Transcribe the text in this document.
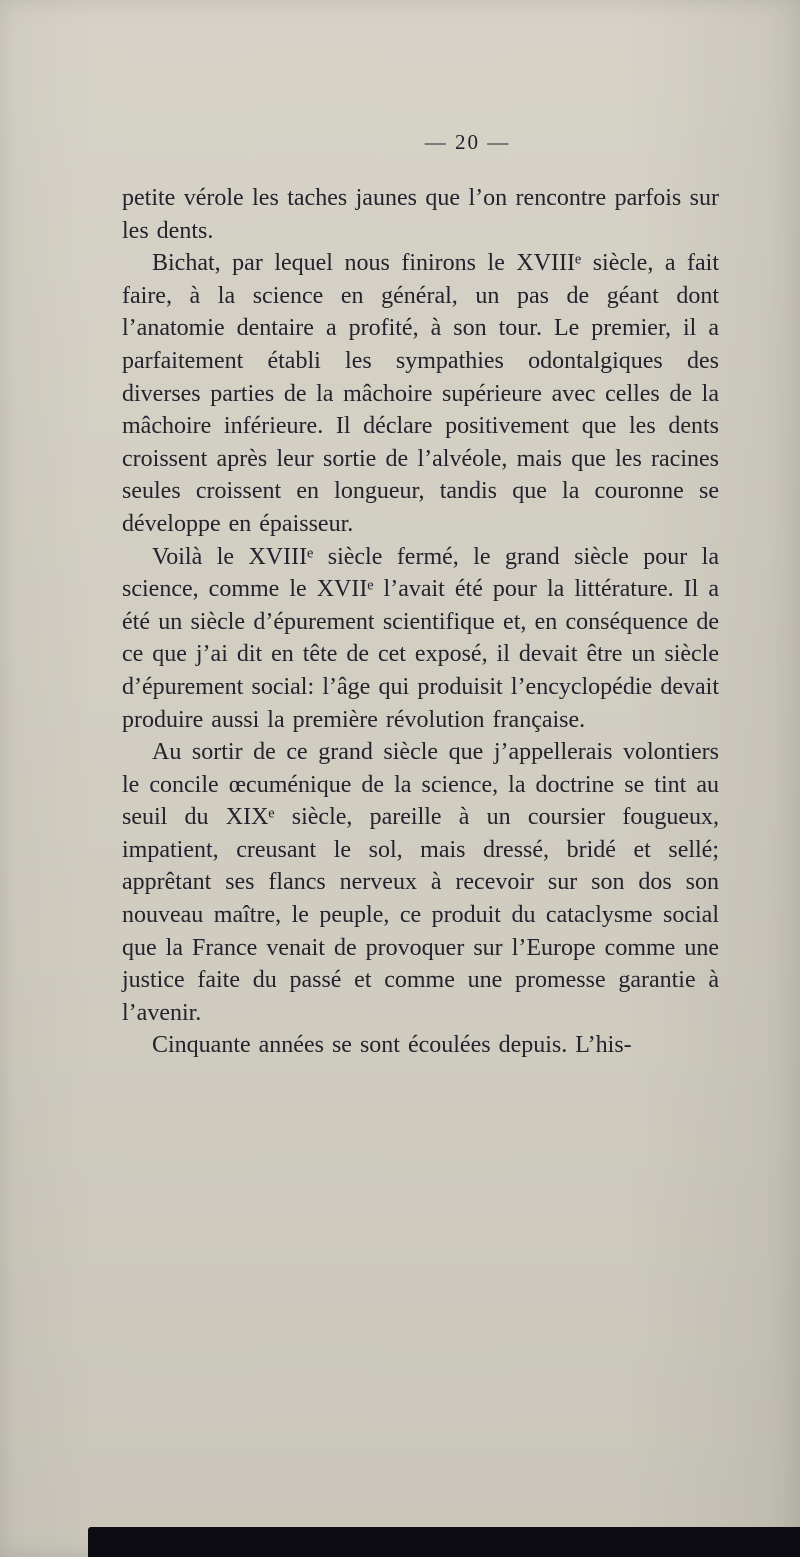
— 20 —

petite vérole les taches jaunes que l’on rencontre parfois sur les dents.

Bichat, par lequel nous finirons le XVIIIᵉ siècle, a fait faire, à la science en général, un pas de géant dont l’anatomie dentaire a profité, à son tour. Le premier, il a parfaitement établi les sympathies odontalgiques des diverses parties de la mâchoire supérieure avec celles de la mâchoire inférieure. Il déclare positivement que les dents croissent après leur sortie de l’alvéole, mais que les racines seules croissent en longueur, tandis que la couronne se développe en épaisseur.

Voilà le XVIIIᵉ siècle fermé, le grand siècle pour la science, comme le XVIIᵉ l’avait été pour la littérature. Il a été un siècle d’épurement scientifique et, en conséquence de ce que j’ai dit en tête de cet exposé, il devait être un siècle d’épurement social: l’âge qui produisit l’encyclopédie devait produire aussi la première révolution française.

Au sortir de ce grand siècle que j’appellerais volontiers le concile œcuménique de la science, la doctrine se tint au seuil du XIXᵉ siècle, pareille à un coursier fougueux, impatient, creusant le sol, mais dressé, bridé et sellé; apprêtant ses flancs nerveux à recevoir sur son dos son nouveau maître, le peuple, ce produit du cataclysme social que la France venait de provoquer sur l’Europe comme une justice faite du passé et comme une promesse garantie à l’avenir.

Cinquante années se sont écoulées depuis. L’his-
